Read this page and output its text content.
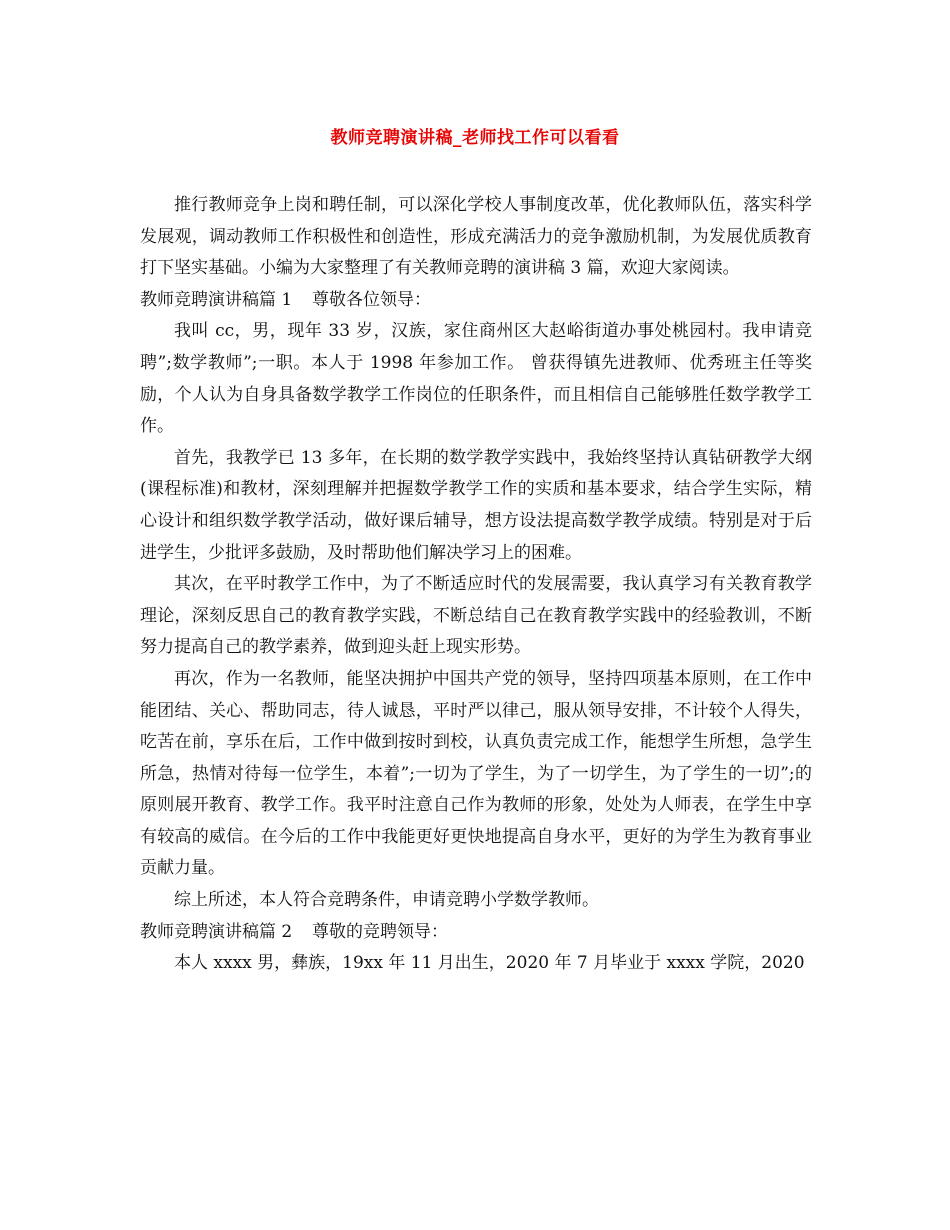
教师竞聘演讲稿_老师找工作可以看看

推行教师竞争上岗和聘任制，可以深化学校人事制度改革，优化教师队伍，落实科学发展观，调动教师工作积极性和创造性，形成充满活力的竞争激励机制，为发展优质教育打下坚实基础。小编为大家整理了有关教师竞聘的演讲稿 3 篇，欢迎大家阅读。

教师竞聘演讲稿篇 1	尊敬各位领导：

我叫 cc，男，现年 33 岁，汉族，家住商州区大赵峪街道办事处桃园村。我申请竞聘”;数学教师”;一职。本人于 1998 年参加工作。 曾获得镇先进教师、优秀班主任等奖励，个人认为自身具备数学教学工作岗位的任职条件，而且相信自己能够胜任数学教学工作。

首先，我教学已 13 多年，在长期的数学教学实践中，我始终坚持认真钻研教学大纲(课程标准)和教材，深刻理解并把握数学教学工作的实质和基本要求，结合学生实际，精心设计和组织数学教学活动，做好课后辅导，想方设法提高数学教学成绩。特别是对于后进学生，少批评多鼓励，及时帮助他们解决学习上的困难。

其次，在平时教学工作中，为了不断适应时代的发展需要，我认真学习有关教育教学理论，深刻反思自己的教育教学实践，不断总结自己在教育教学实践中的经验教训，不断努力提高自己的教学素养，做到迎头赶上现实形势。

再次，作为一名教师，能坚决拥护中国共产党的领导，坚持四项基本原则，在工作中能团结、关心、帮助同志，待人诚恳，平时严以律己，服从领导安排，不计较个人得失，吃苦在前，享乐在后，工作中做到按时到校，认真负责完成工作，能想学生所想，急学生所急，热情对待每一位学生，本着”;一切为了学生，为了一切学生，为了学生的一切”;的原则展开教育、教学工作。我平时注意自己作为教师的形象，处处为人师表，在学生中享有较高的威信。在今后的工作中我能更好更快地提高自身水平，更好的为学生为教育事业贡献力量。

综上所述，本人符合竞聘条件，申请竞聘小学数学教师。

教师竞聘演讲稿篇 2	尊敬的竞聘领导：

本人 xxxx 男，彝族，19xx 年 11 月出生，2020 年 7 月毕业于 xxxx 学院，2020
